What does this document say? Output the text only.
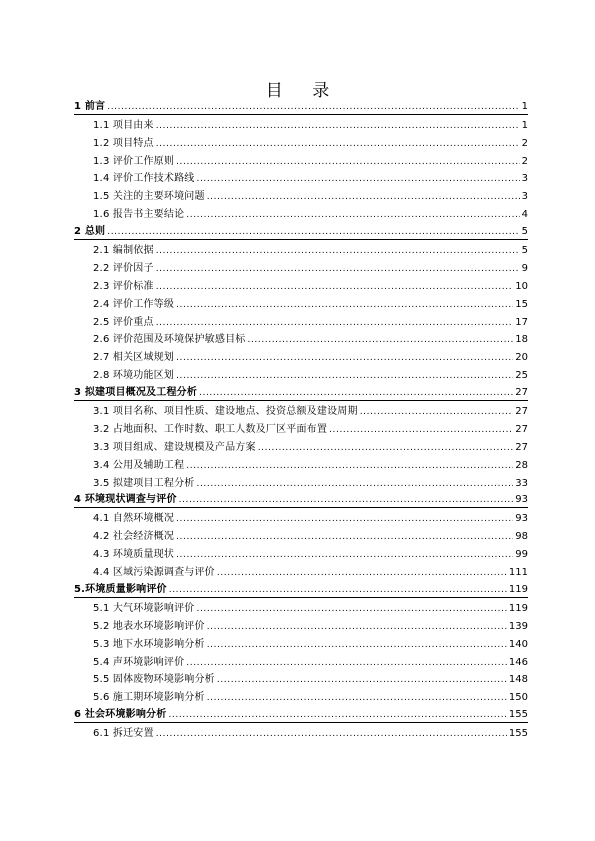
目 录
1 前言 .....	1
1.1 项目由来 .....	1
1.2 项目特点 .....	2
1.3 评价工作原则 .....	2
1.4 评价工作技术路线 .....	3
1.5 关注的主要环境问题 .....	3
1.6 报告书主要结论 .....	4
2 总则 .....	5
2.1 编制依据 .....	5
2.2 评价因子 .....	9
2.3 评价标准 .....	10
2.4 评价工作等级 .....	15
2.5 评价重点 .....	17
2.6 评价范围及环境保护敏感目标 .....	18
2.7 相关区域规划 .....	20
2.8 环境功能区划 .....	25
3 拟建项目概况及工程分析 .....	27
3.1 项目名称、项目性质、建设地点、投资总额及建设周期 .....	27
3.2 占地面积、工作时数、职工人数及厂区平面布置 .....	27
3.3 项目组成、建设规模及产品方案 .....	27
3.4 公用及辅助工程 .....	28
3.5 拟建项目工程分析 .....	33
4 环境现状调查与评价 .....	93
4.1 自然环境概况 .....	93
4.2 社会经济概况 .....	98
4.3 环境质量现状 .....	99
4.4 区域污染源调查与评价 .....	111
5.环境质量影响评价 .....	119
5.1 大气环境影响评价 .....	119
5.2 地表水环境影响评价 .....	139
5.3 地下水环境影响分析 .....	140
5.4 声环境影响评价 .....	146
5.5 固体废物环境影响分析 .....	148
5.6 施工期环境影响分析 .....	150
6 社会环境影响分析 .....	155
6.1 拆迁安置 .....	155
